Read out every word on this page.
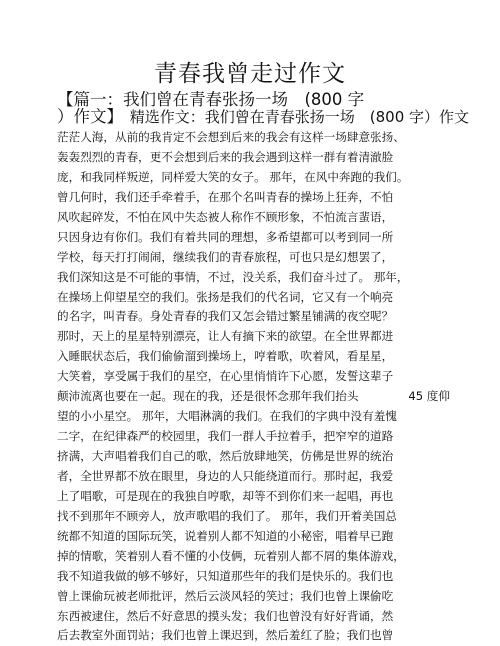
青春我曾走过作文
【篇一：我们曾在青春张扬一场　(800 字
）作文】　精选作文：我们曾在青春张扬一场　(800 字）作文
茫茫人海，从前的我肯定不会想到后来的我会有这样一场肆意张扬、
轰轰烈烈的青春，更不会想到后来的我会遇到这样一群有着清澈脸
庞，和我同样叛逆，同样爱大笑的女子。 那年，在风中奔跑的我们。
曾几何时，我们还手牵着手，在那个名叫青春的操场上狂奔，不怕
风吹起碎发，不怕在风中失态被人称作不顾形象，不怕流言蜚语，
只因身边有你们。我们有着共同的理想，多希望都可以考到同一所
学校，每天打打闹闹，继续我们的青春旅程，可也只是幻想罢了，
我们深知这是不可能的事情，不过，没关系，我们奋斗过了。 那年，
在操场上仰望星空的我们。张扬是我们的代名词，它又有一个响亮
的名字，叫青春。身处青春的我们又怎会错过繁星铺满的夜空呢？
那时，天上的星星特别漂亮，让人有摘下来的欲望。在全世界都进
入睡眠状态后，我们偷偷溜到操场上，哼着歌，吹着风，看星星，
大笑着，享受属于我们的星空，在心里悄悄许下心愿，发誓这辈子
颠沛流离也要在一起。现在的我，还是很怀念那年我们抬头	45 度仰
望的小小星空。 那年，大唱淋漓的我们。在我们的字典中没有羞愧
二字，在纪律森严的校园里，我们一群人手拉着手，把窄窄的道路
挤满，大声唱着我们自己的歌，然后放肆地笑，仿佛是世界的统治
者，全世界都不放在眼里，身边的人只能绕道而行。那时起，我爱
上了唱歌，可是现在的我独自哼歌，却等不到你们来一起唱，再也
找不到那年不顾旁人，放声歌唱的我们了。 那年，我们开着美国总
统都不知道的国际玩笑，说着别人都不知道的小秘密，唱着早已跑
掉的情歌，笑着别人看不懂的小伎俩，玩着别人都不屑的集体游戏，
我不知道我做的够不够好，只知道那些年的我们是快乐的。我们也
曾上课偷玩被老师批评，然后云淡风轻的笑过；我们也曾上课偷吃
东西被逮住，然后不好意思的摸头发；我们也曾没有好好背诵，然
后去教室外面罚站；我们也曾上课迟到，然后羞红了脸；我们也曾
